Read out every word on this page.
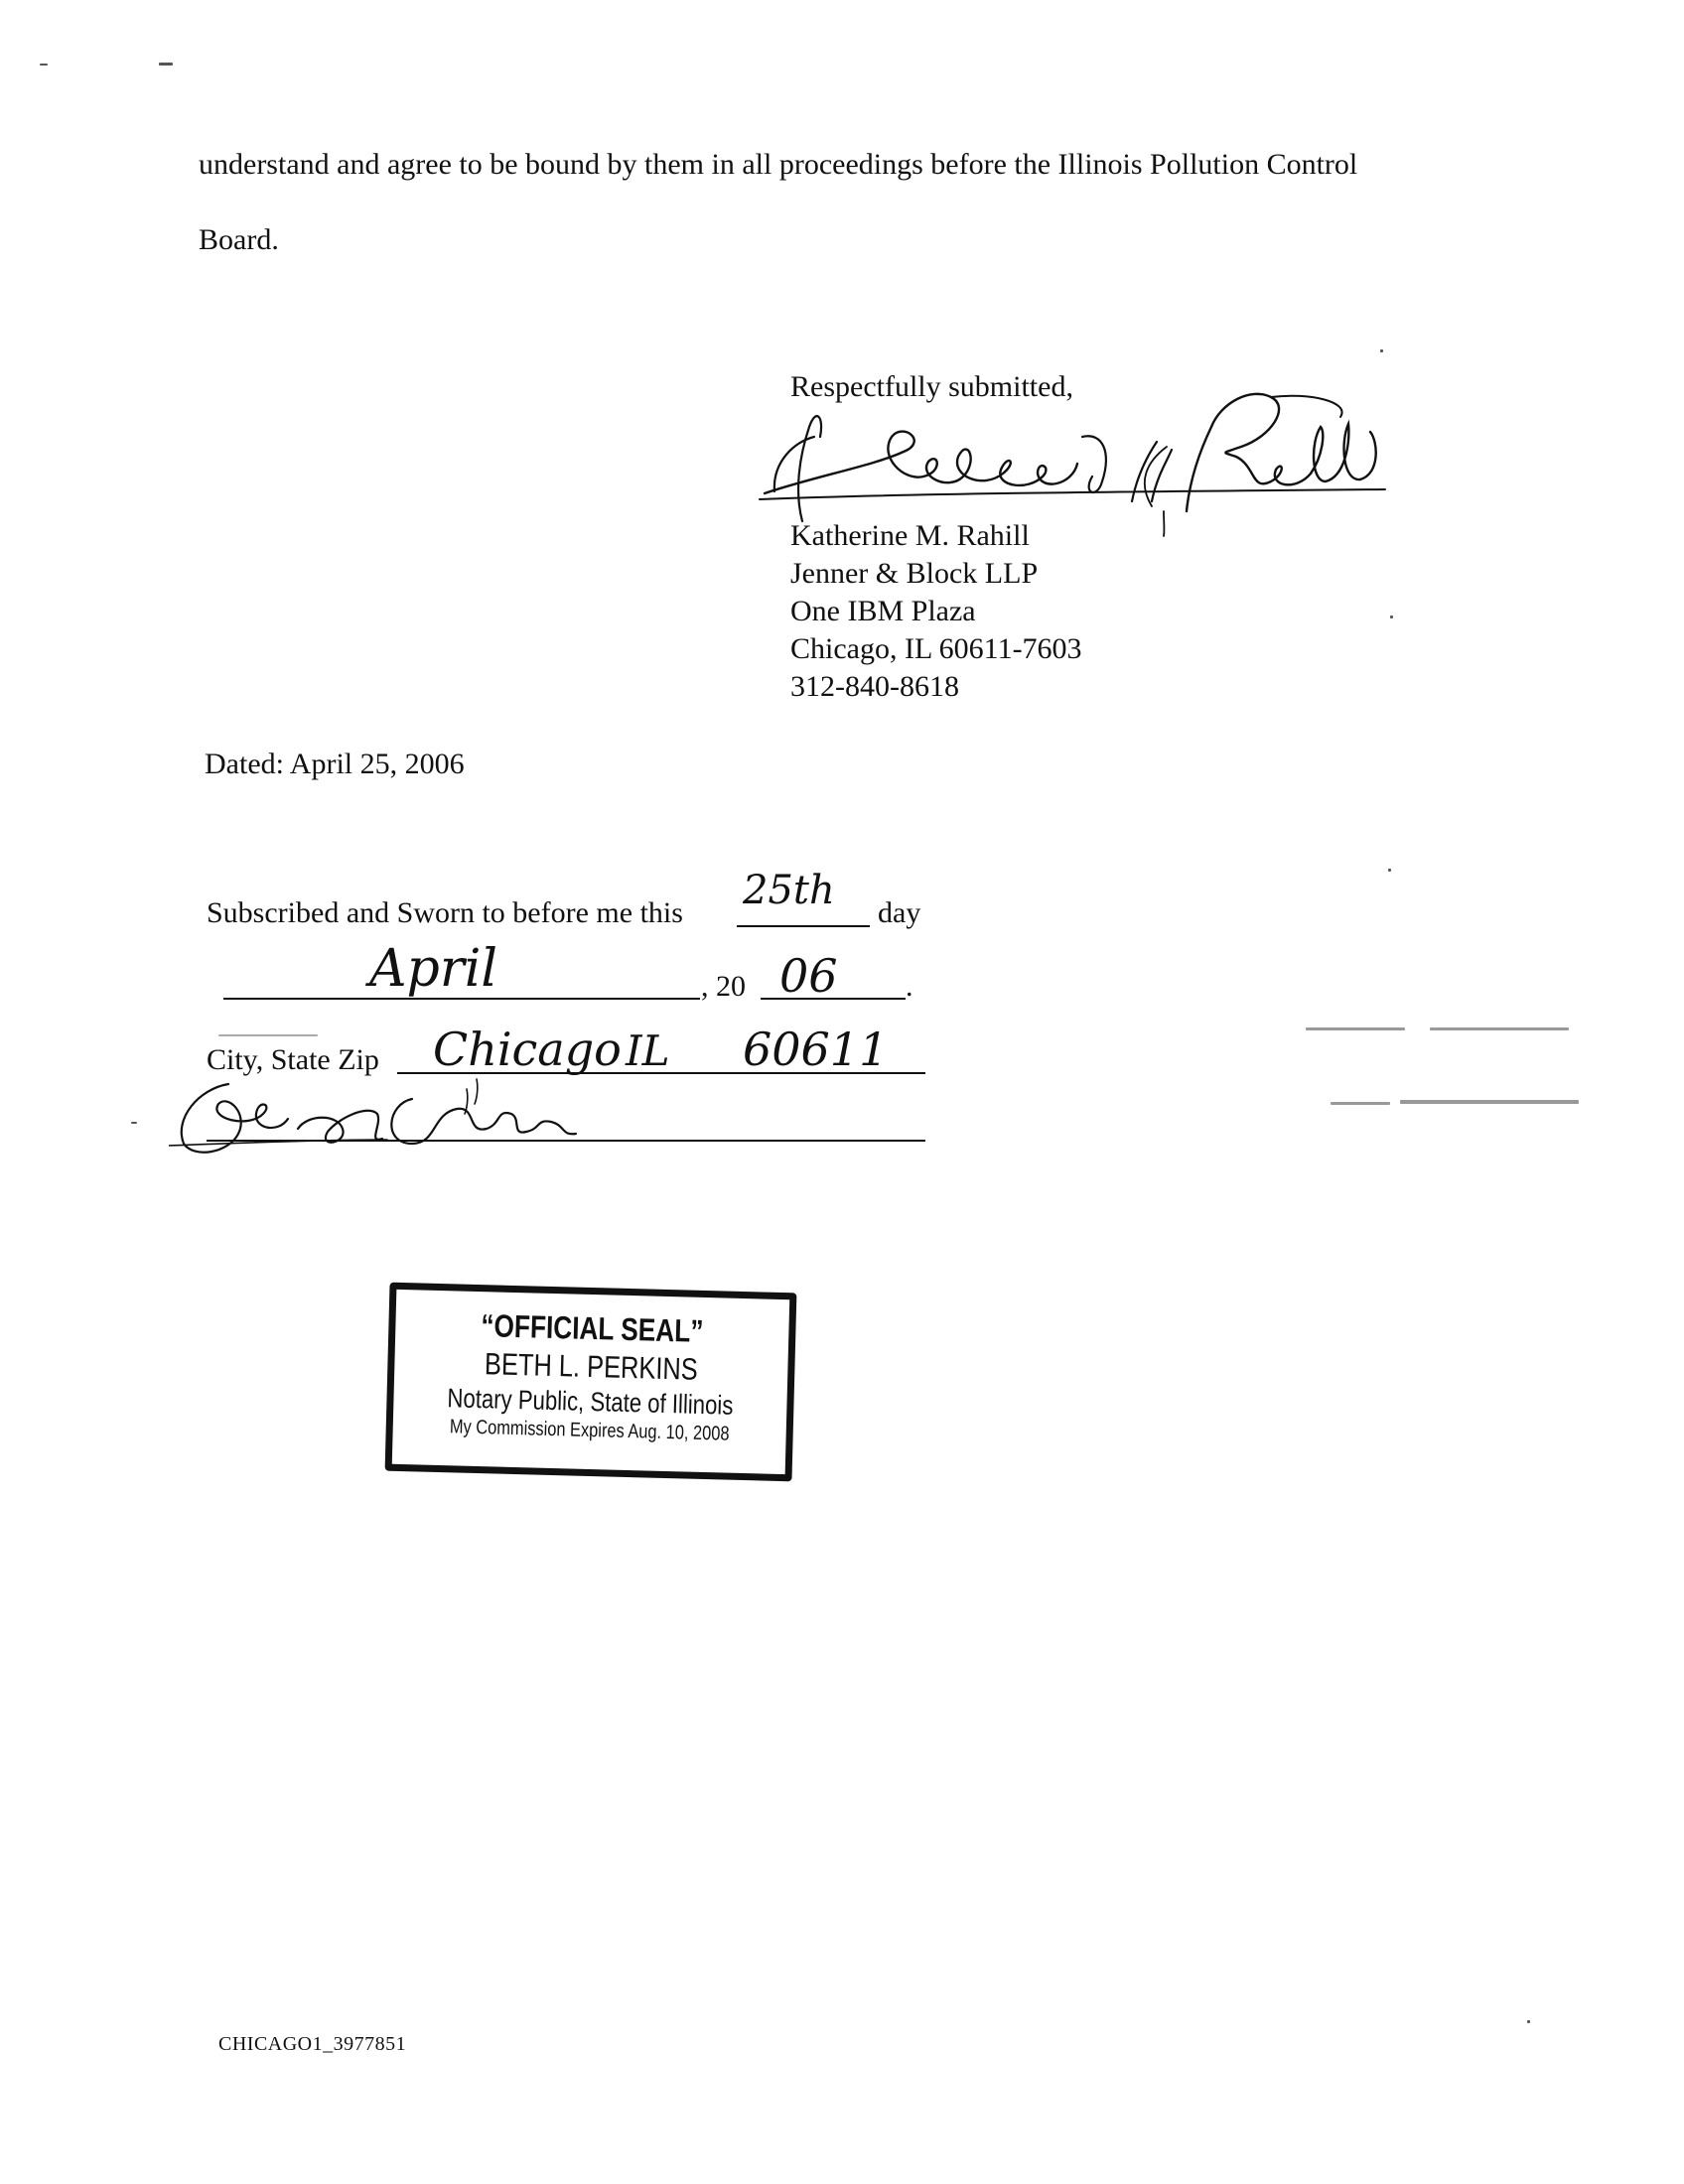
understand and agree to be bound by them in all proceedings before the Illinois Pollution Control
Board.
Respectfully submitted,
Katherine M. Rahill
Jenner & Block LLP
One IBM Plaza
Chicago, IL 60611-7603
312-840-8618
Dated: April 25, 2006
Subscribed and Sworn to before me this 25th day
April	, 20 06 .
City, State Zip Chicago IL 60611
“OFFICIAL SEAL”
BETH L. PERKINS
Notary Public, State of Illinois
My Commission Expires Aug. 10, 2008
CHICAGO1_3977851
